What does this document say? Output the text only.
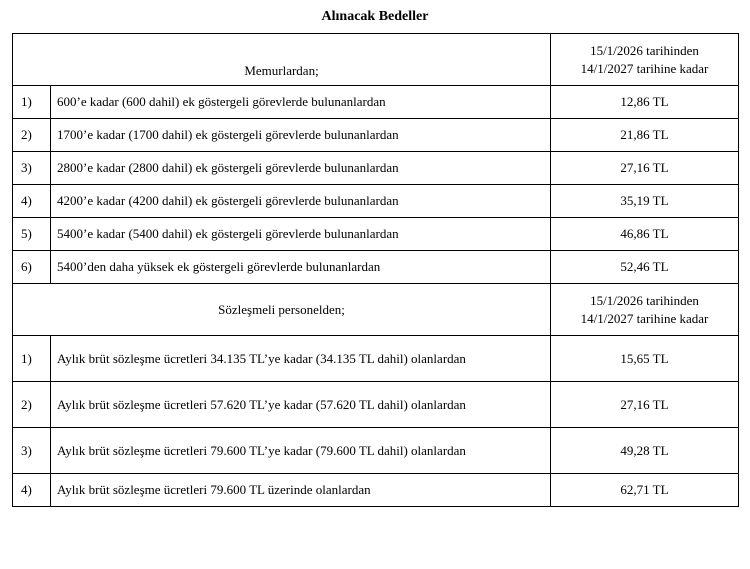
Alınacak Bedeller
Memurlardan;		15/1/2026 tarihinden
14/1/2027 tarihine kadar

1)	600’e kadar (600 dahil) ek göstergeli görevlerde bulunanlardan	12,86 TL
2)	1700’e kadar (1700 dahil) ek göstergeli görevlerde bulunanlardan	21,86 TL
3)	2800’e kadar (2800 dahil) ek göstergeli görevlerde bulunanlardan	27,16 TL
4)	4200’e kadar (4200 dahil) ek göstergeli görevlerde bulunanlardan	35,19 TL
5)	5400’e kadar (5400 dahil) ek göstergeli görevlerde bulunanlardan	46,86 TL
6)	5400’den daha yüksek ek göstergeli görevlerde bulunanlardan	52,46 TL
Sözleşmeli personelden;		15/1/2026 tarihinden
14/1/2027 tarihine kadar

1)	Aylık brüt sözleşme ücretleri 34.135 TL’ye kadar (34.135 TL dahil) olanlardan	15,65 TL
2)	Aylık brüt sözleşme ücretleri 57.620 TL’ye kadar (57.620 TL dahil) olanlardan	27,16 TL
3)	Aylık brüt sözleşme ücretleri 79.600 TL’ye kadar (79.600 TL dahil) olanlardan	49,28 TL
4)	Aylık brüt sözleşme ücretleri 79.600 TL üzerinde olanlardan	62,71 TL
